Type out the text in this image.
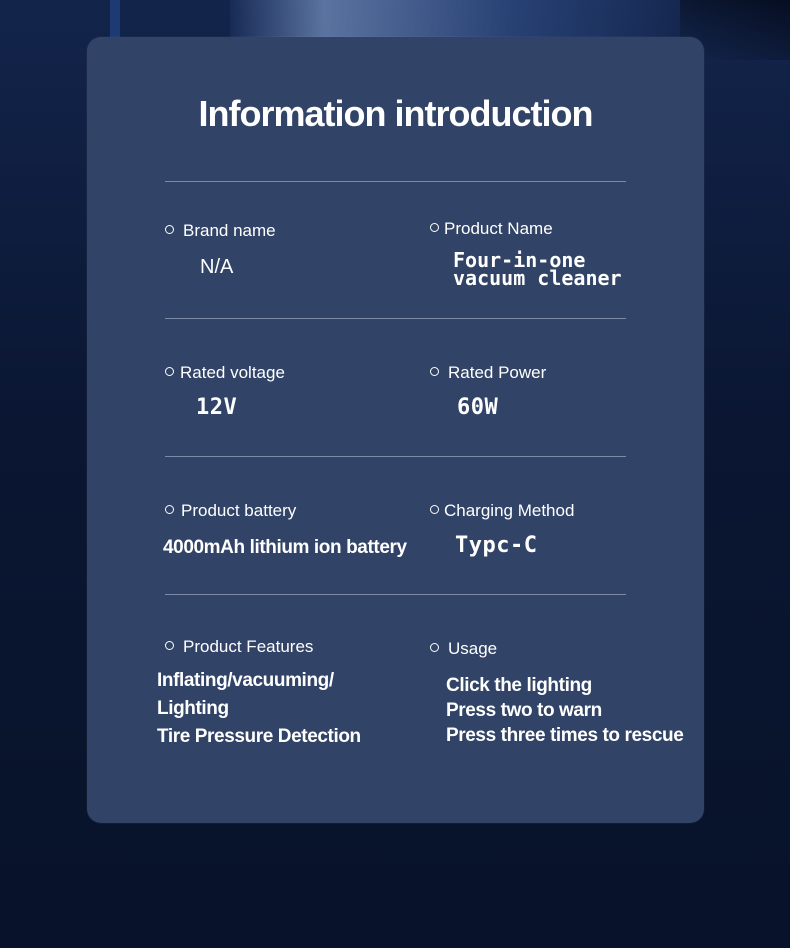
Information introduction
Brand name
N/A
Product Name
Four-in-one
vacuum cleaner
Rated voltage
12V
Rated Power
60W
Product battery
4000mAh lithium ion battery
Charging Method
Typc-C
Product Features
Inflating/vacuuming/
Lighting
Tire Pressure Detection
Usage
Click the lighting
Press two to warn
Press three times to rescue
